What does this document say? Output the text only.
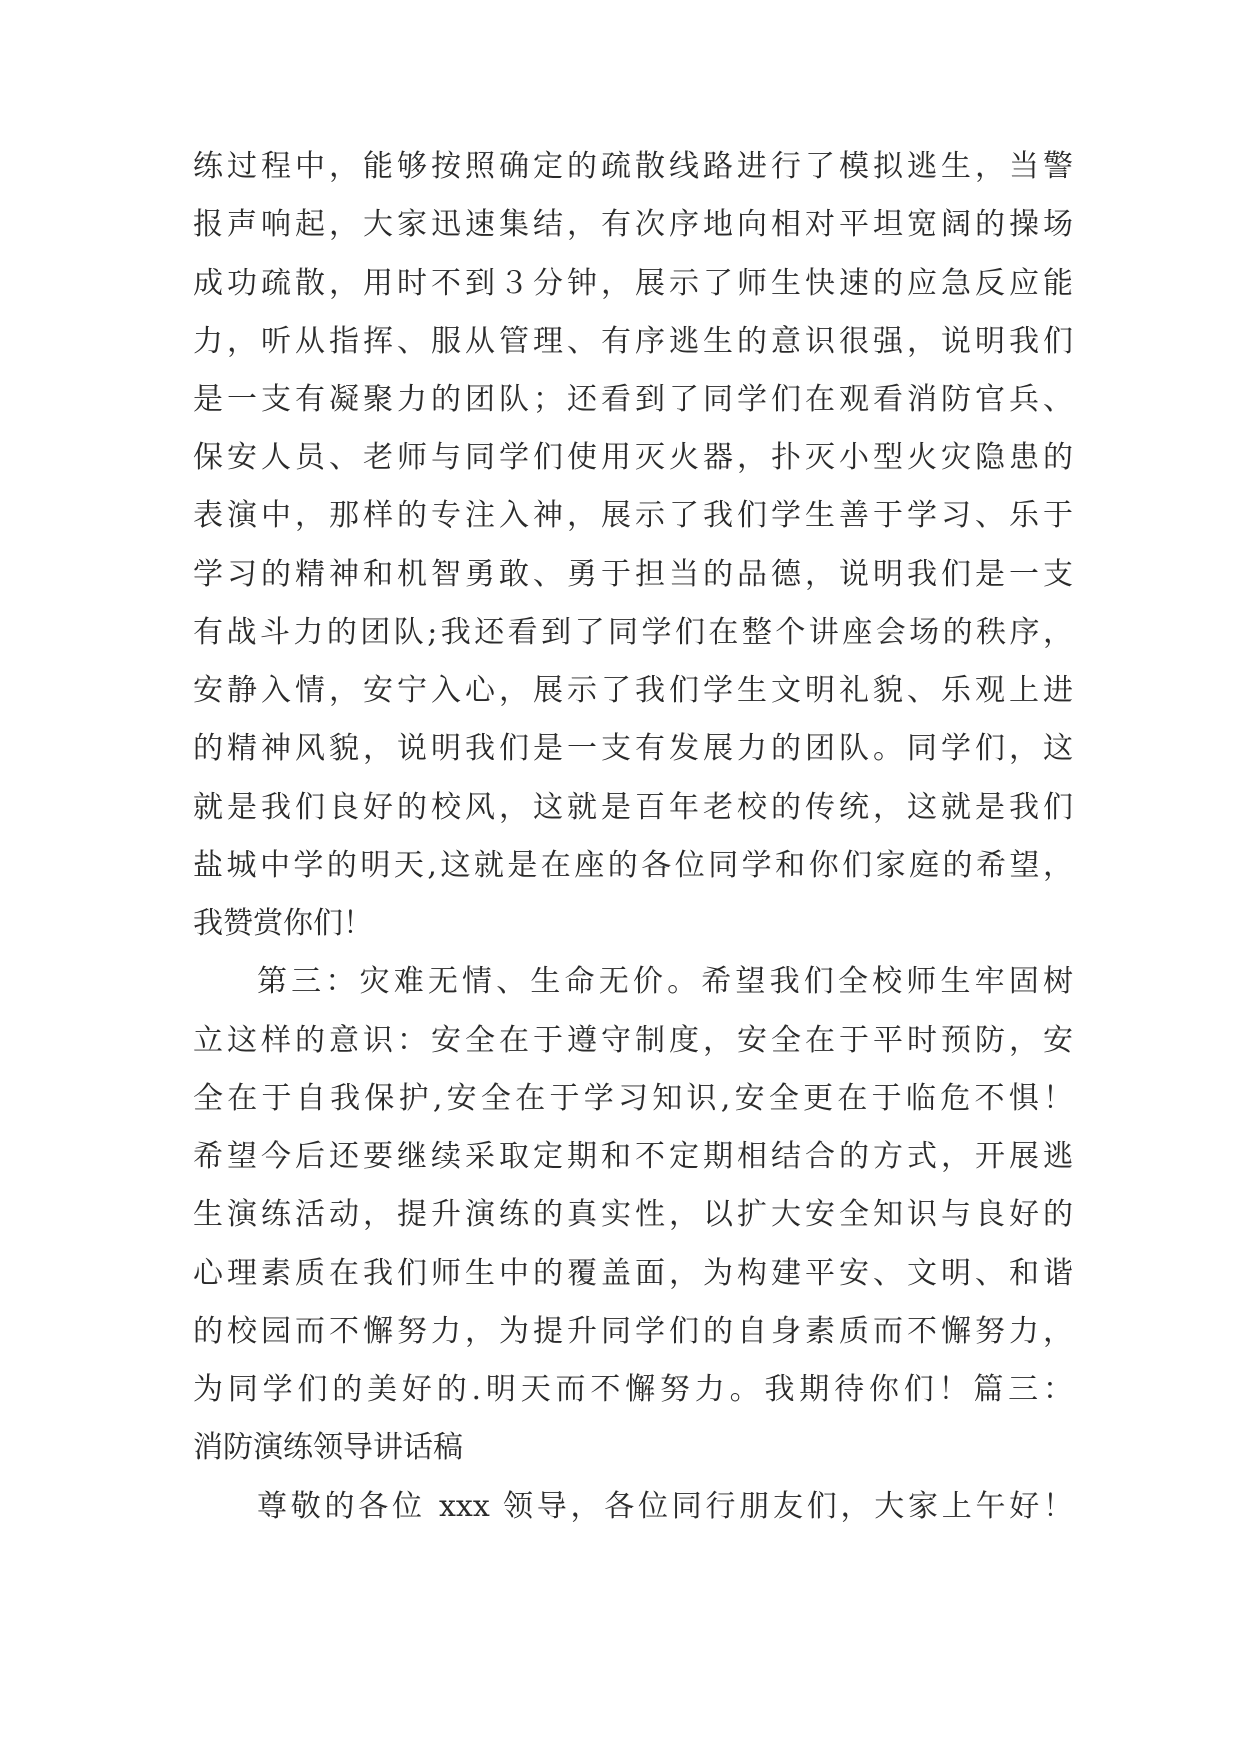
练过程中，能够按照确定的疏散线路进行了模拟逃生，当警
报声响起，大家迅速集结，有次序地向相对平坦宽阔的操场
成功疏散，用时不到３分钟，展示了师生快速的应急反应能
力，听从指挥、服从管理、有序逃生的意识很强，说明我们
是一支有凝聚力的团队；还看到了同学们在观看消防官兵、
保安人员、老师与同学们使用灭火器，扑灭小型火灾隐患的
表演中，那样的专注入神，展示了我们学生善于学习、乐于
学习的精神和机智勇敢、勇于担当的品德，说明我们是一支
有战斗力的团队;我还看到了同学们在整个讲座会场的秩序，
安静入情，安宁入心，展示了我们学生文明礼貌、乐观上进
的精神风貌，说明我们是一支有发展力的团队。同学们，这
就是我们良好的校风，这就是百年老校的传统，这就是我们
盐城中学的明天,这就是在座的各位同学和你们家庭的希望，
我赞赏你们！
第三：灾难无情、生命无价。希望我们全校师生牢固树
立这样的意识：安全在于遵守制度，安全在于平时预防，安
全在于自我保护,安全在于学习知识,安全更在于临危不惧！
希望今后还要继续采取定期和不定期相结合的方式，开展逃
生演练活动，提升演练的真实性，以扩大安全知识与良好的
心理素质在我们师生中的覆盖面，为构建平安、文明、和谐
的校园而不懈努力，为提升同学们的自身素质而不懈努力，
为同学们的美好的.明天而不懈努力。我期待你们！篇三：
消防演练领导讲话稿
尊敬的各位 xxx 领导，各位同行朋友们，大家上午好！
